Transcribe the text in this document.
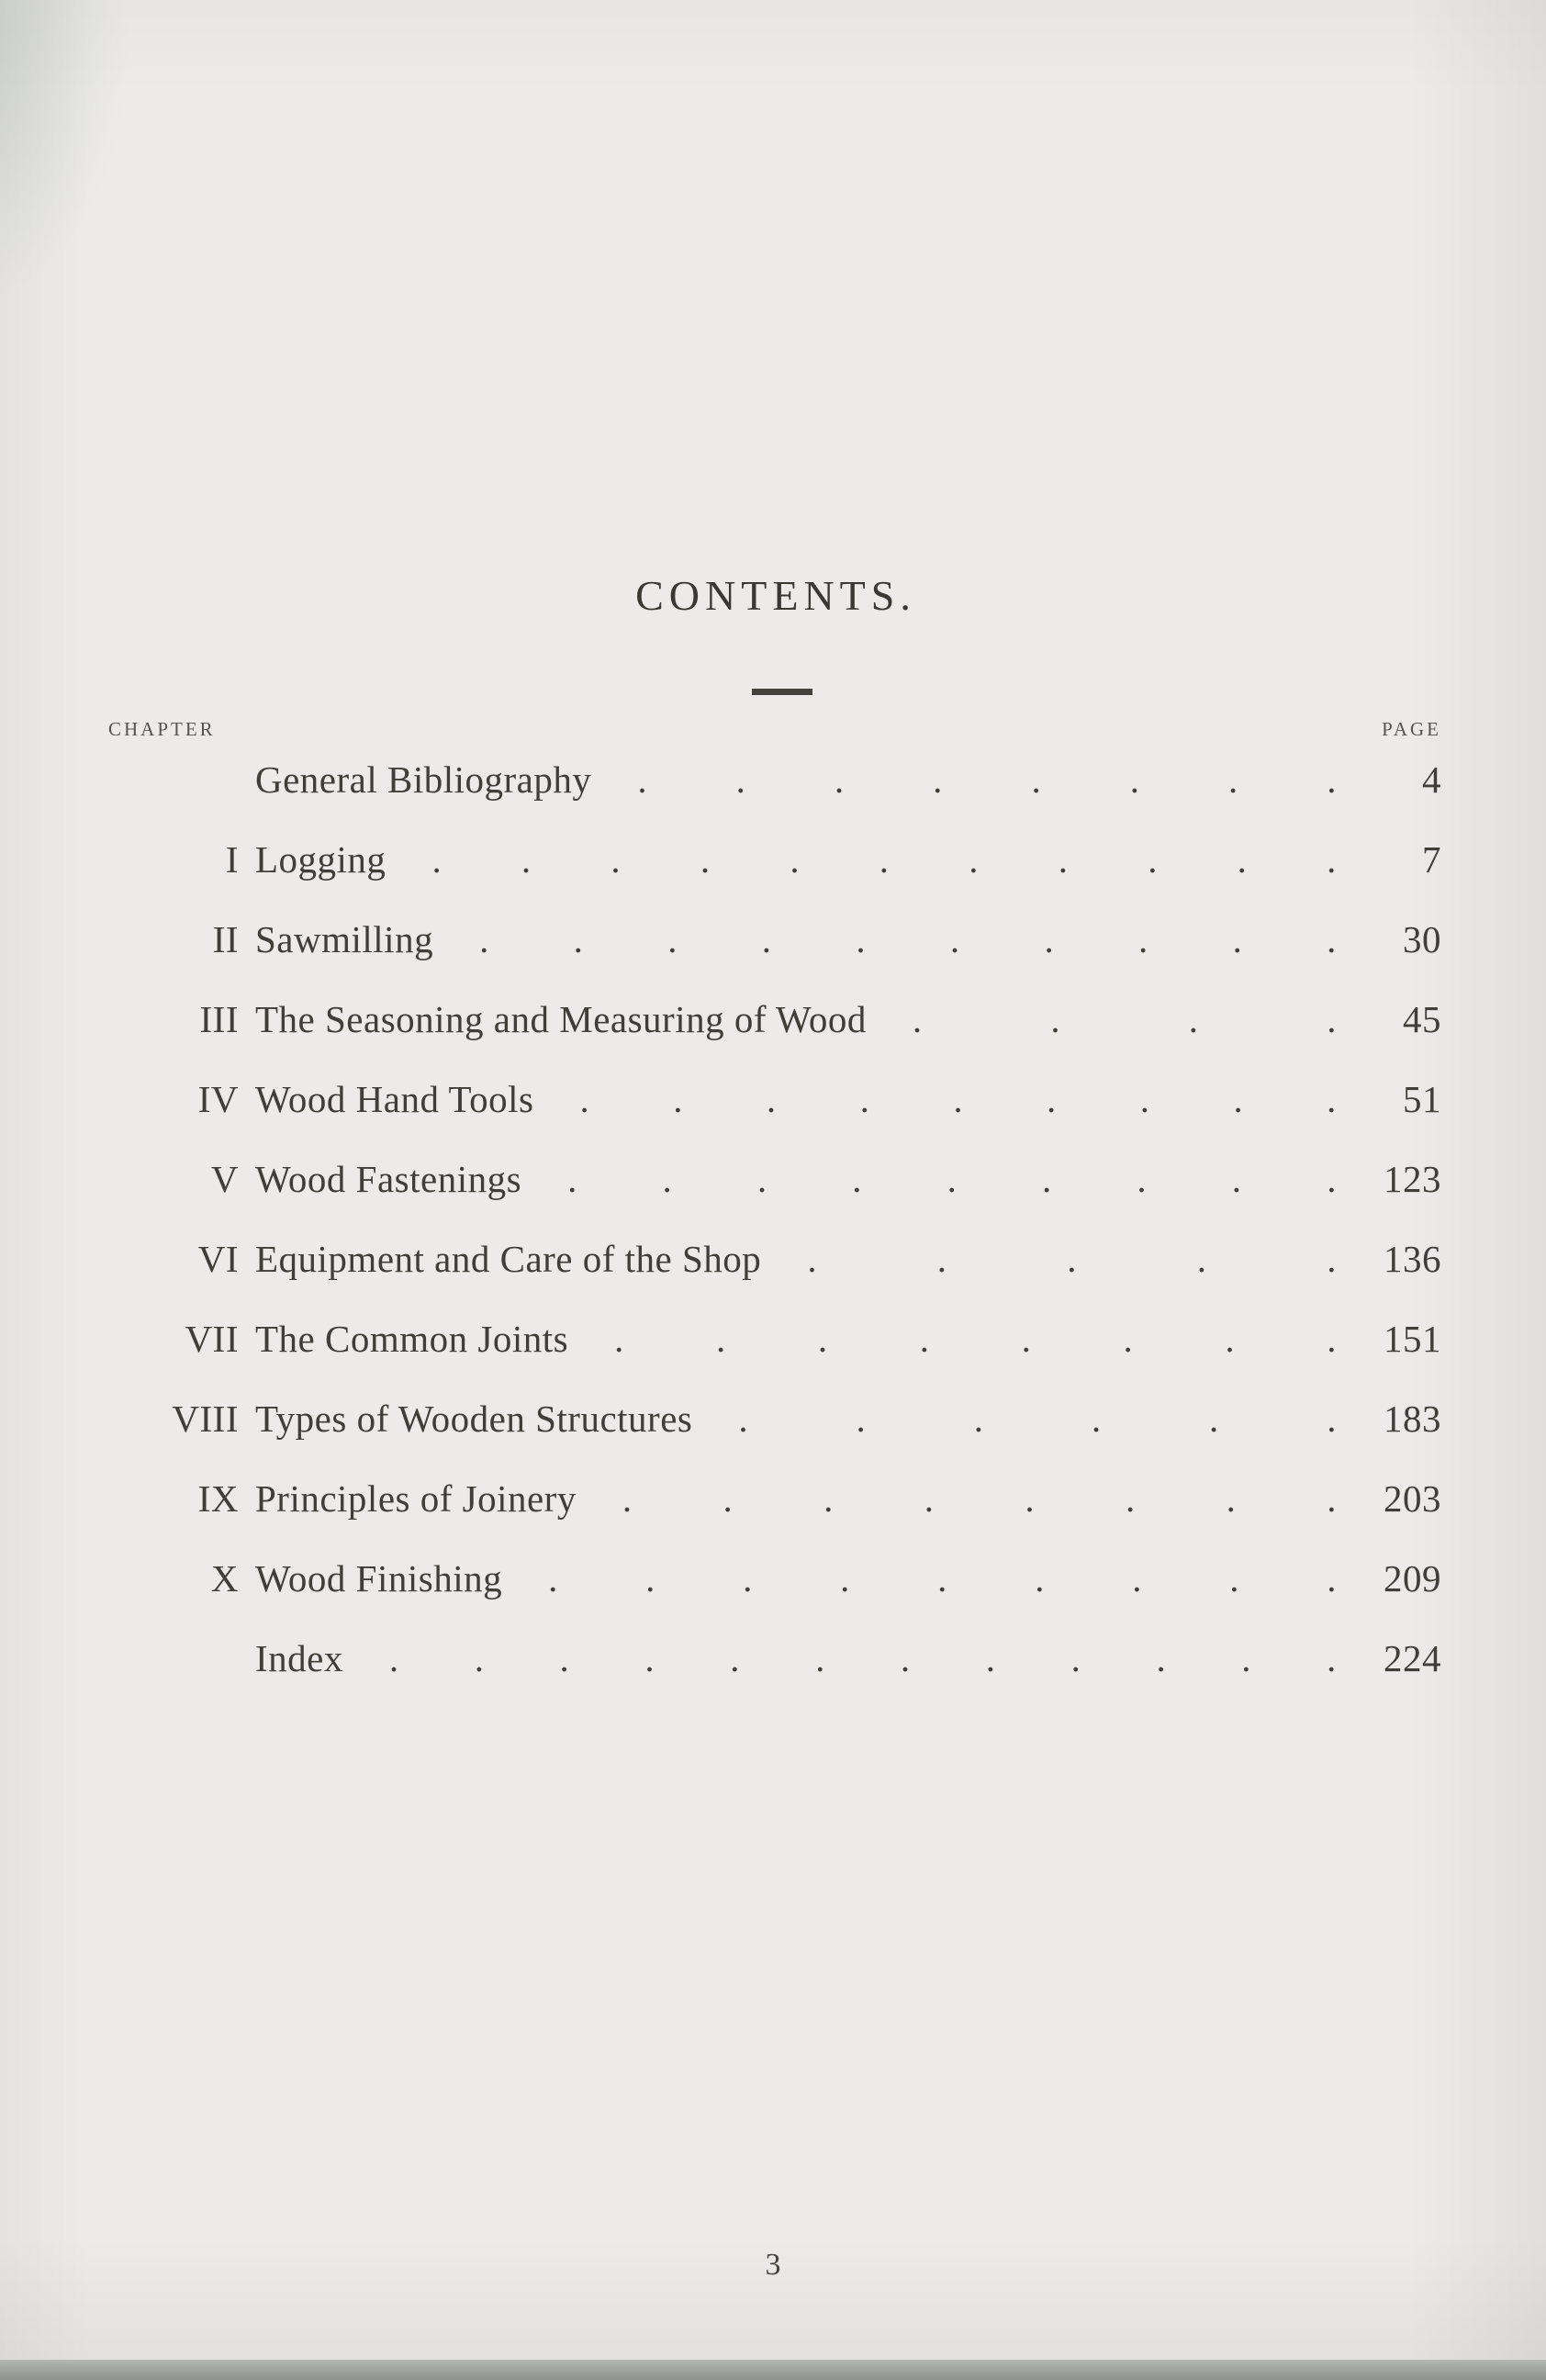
CONTENTS.
CHAPTER	PAGE
General Bibliography . . . . . . . .	4
I Logging . . . . . . . . . . .	7
II Sawmilling . . . . . . . . . .	30
III The Seasoning and Measuring of Wood .	.	.	.	45
IV Wood Hand Tools . . . . . . . . .	51
V Wood Fastenings . . . . . . . . . 123
VI Equipment and Care of the Shop .	.	.	.	. 136
VII The Common Joints . . . . . . . . 151
VIII Types of Wooden Structures .	.	.	.	.	. 183
IX Principles of Joinery . . . . . . . . 203
X Wood Finishing . . . . . . . . . 209
Index . . . . . . . . . . . . 224
3
